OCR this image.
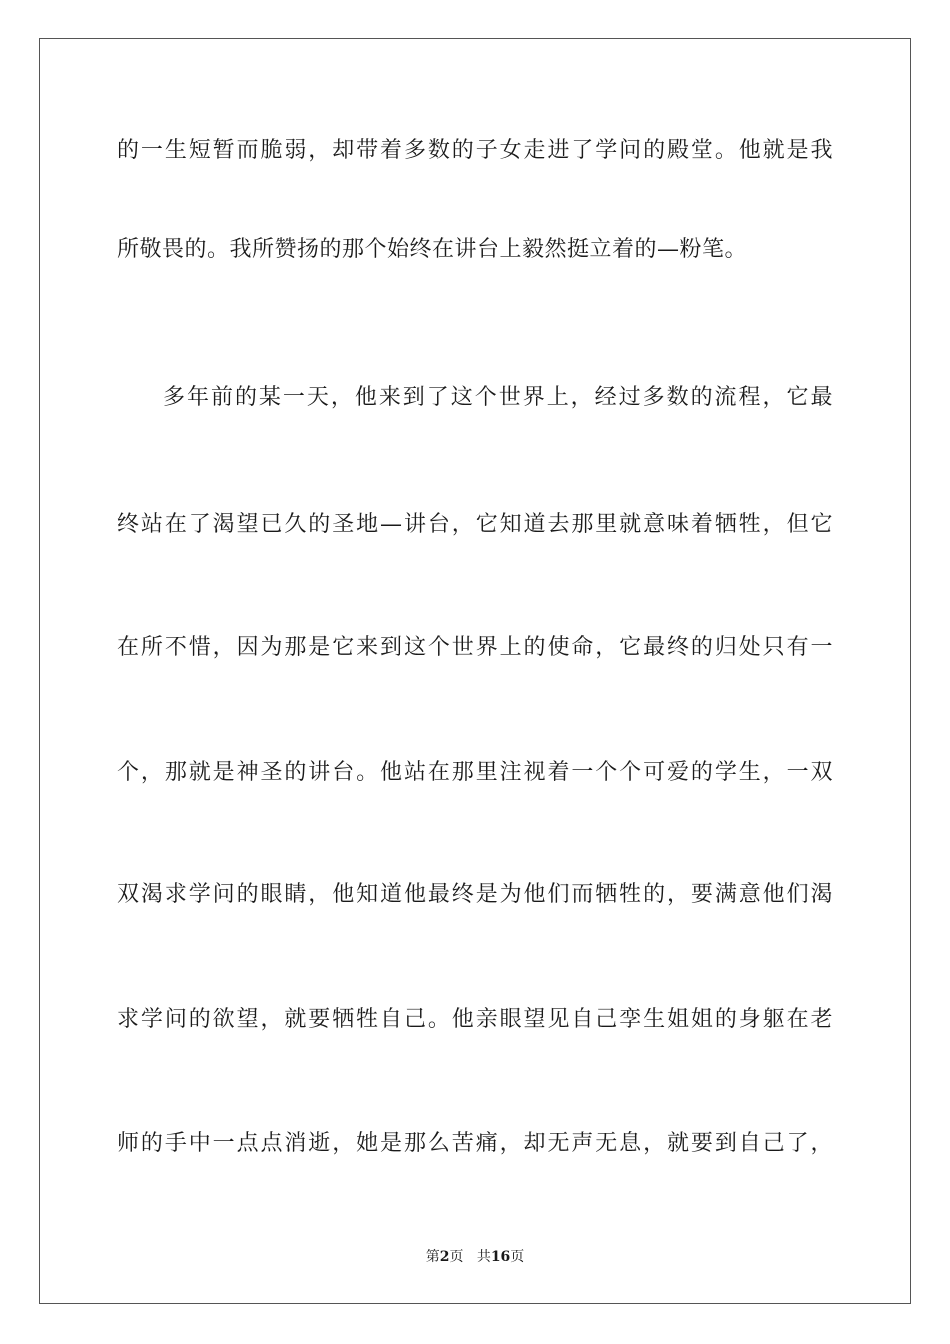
的一生短暂而脆弱，却带着多数的子女走进了学问的殿堂。他就是我
所敬畏的。我所赞扬的那个始终在讲台上毅然挺立着的—粉笔。
多年前的某一天，他来到了这个世界上，经过多数的流程，它最
终站在了渴望已久的圣地—讲台，它知道去那里就意味着牺牲，但它
在所不惜，因为那是它来到这个世界上的使命，它最终的归处只有一
个，那就是神圣的讲台。他站在那里注视着一个个可爱的学生，一双
双渴求学问的眼睛，他知道他最终是为他们而牺牲的，要满意他们渴
求学问的欲望，就要牺牲自己。他亲眼望见自己孪生姐姐的身躯在老
师的手中一点点消逝，她是那么苦痛，却无声无息，就要到自己了，
第2页 共16页
